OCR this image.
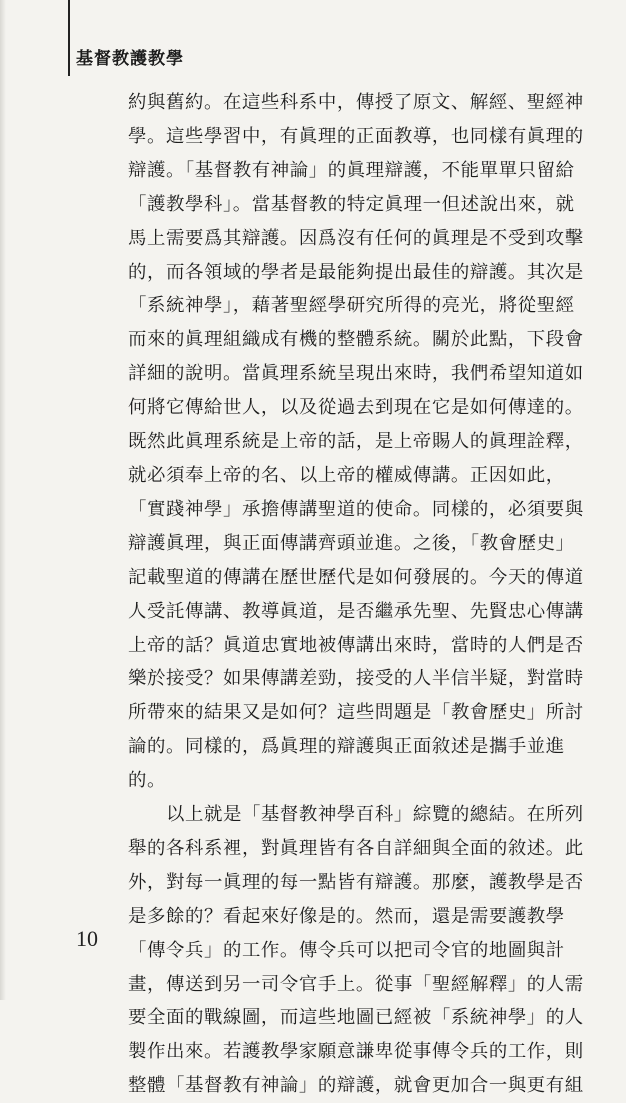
基督教護教學
約與舊約。在這些科系中，傳授了原文、解經、聖經神
學。這些學習中，有眞理的正面教導，也同樣有眞理的
辯護。「基督教有神論」的眞理辯護，不能單單只留給
「護教學科」。當基督教的特定眞理一但述說出來，就
馬上需要爲其辯護。因爲沒有任何的眞理是不受到攻擊
的，而各領域的學者是最能夠提出最佳的辯護。其次是
「系統神學」，藉著聖經學研究所得的亮光，將從聖經
而來的眞理組織成有機的整體系統。關於此點，下段會
詳細的說明。當眞理系統呈現出來時，我們希望知道如
何將它傳給世人，以及從過去到現在它是如何傳達的。
既然此眞理系統是上帝的話，是上帝賜人的眞理詮釋，
就必須奉上帝的名、以上帝的權威傳講。正因如此，
「實踐神學」承擔傳講聖道的使命。同樣的，必須要與
辯護眞理，與正面傳講齊頭並進。之後，「教會歷史」
記載聖道的傳講在歷世歷代是如何發展的。今天的傳道
人受託傳講、教導眞道，是否繼承先聖、先賢忠心傳講
上帝的話？眞道忠實地被傳講出來時，當時的人們是否
樂於接受？如果傳講差勁，接受的人半信半疑，對當時
所帶來的結果又是如何？這些問題是「教會歷史」所討
論的。同樣的，爲眞理的辯護與正面敘述是攜手並進
的。
　　以上就是「基督教神學百科」綜覽的總結。在所列
舉的各科系裡，對眞理皆有各自詳細與全面的敘述。此
外，對每一眞理的每一點皆有辯護。那麼，護教學是否
是多餘的？看起來好像是的。然而，還是需要護教學
「傳令兵」的工作。傳令兵可以把司令官的地圖與計
畫，傳送到另一司令官手上。從事「聖經解釋」的人需
要全面的戰線圖，而這些地圖已經被「系統神學」的人
製作出來。若護教學家願意謙卑從事傳令兵的工作，則
整體「基督教有神論」的辯護，就會更加合一與更有組
10
